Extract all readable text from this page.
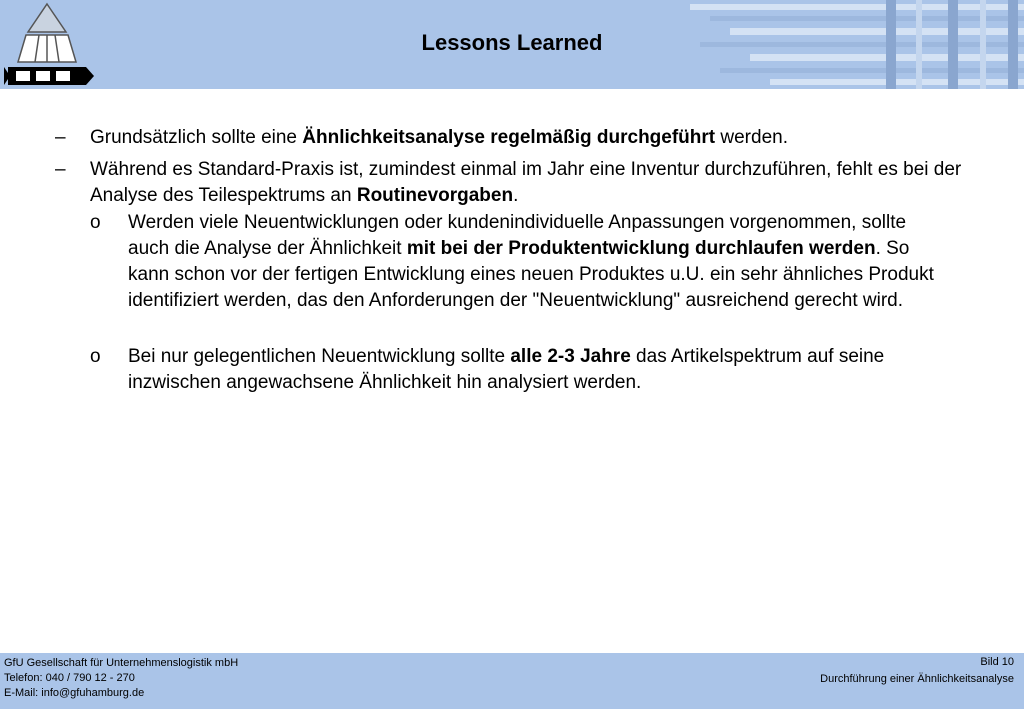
Lessons Learned
– Grundsätzlich sollte eine Ähnlichkeitsanalyse regelmäßig durchgeführt werden.
– Während es Standard-Praxis ist, zumindest einmal im Jahr eine Inventur durchzuführen, fehlt es bei der Analyse des Teilespektrums an Routinevorgaben.
o Werden viele Neuentwicklungen oder kundenindividuelle Anpassungen vorgenommen, sollte auch die Analyse der Ähnlichkeit mit bei der Produktentwicklung durchlaufen werden. So kann schon vor der fertigen Entwicklung eines neuen Produktes u.U. ein sehr ähnliches Produkt identifiziert werden, das den Anforderungen der "Neuentwicklung" ausreichend gerecht wird.
o Bei nur gelegentlichen Neuentwicklung sollte alle 2-3 Jahre das Artikelspektrum auf seine inzwischen angewachsene Ähnlichkeit hin analysiert werden.
GfU Gesellschaft für Unternehmenslogistik mbH
Telefon: 040 / 790 12 - 270
E-Mail: info@gfuhamburg.de
Bild 10
Durchführung einer Ähnlichkeitsanalyse
